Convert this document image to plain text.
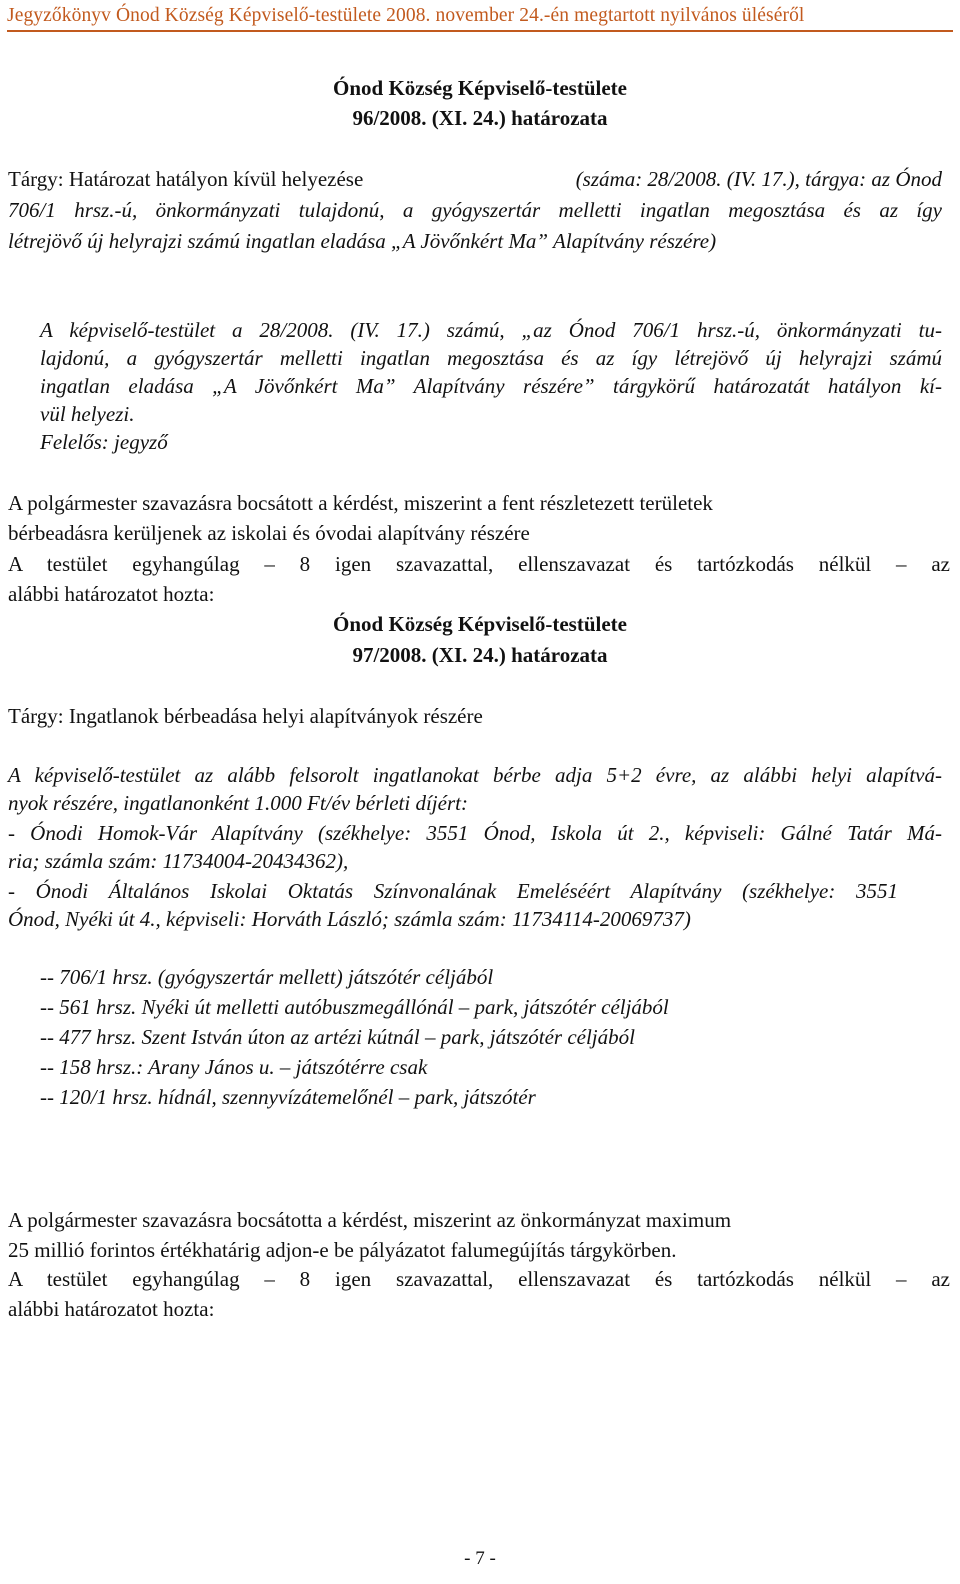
Jegyzőkönyv Ónod Község Képviselő-testülete 2008. november 24.-én megtartott nyilvános üléséről
Ónod Község Képviselő-testülete
96/2008. (XI. 24.) határozata
Tárgy: Határozat hatályon kívül helyezése	(száma: 28/2008. (IV. 17.), tárgya: az Ónod
706/1 hrsz.-ú, önkormányzati tulajdonú, a gyógyszertár melletti ingatlan megosztása és az így
létrejövő új helyrajzi számú ingatlan eladása „A Jövőnkért Ma” Alapítvány részére)
A képviselő-testület a 28/2008. (IV. 17.) számú, „az Ónod 706/1 hrsz.-ú, önkormányzati tu-
lajdonú, a gyógyszertár melletti ingatlan megosztása és az így létrejövő új helyrajzi számú
ingatlan eladása „A Jövőnkért Ma” Alapítvány részére” tárgykörű határozatát hatályon kí-
vül helyezi.
Felelős: jegyző
A polgármester szavazásra bocsátott a kérdést, miszerint a fent részletezett területek
bérbeadásra kerüljenek az iskolai és óvodai alapítvány részére
A testület egyhangúlag – 8 igen szavazattal, ellenszavazat és tartózkodás nélkül – az
alábbi határozatot hozta:
Ónod Község Képviselő-testülete
97/2008. (XI. 24.) határozata
Tárgy: Ingatlanok bérbeadása helyi alapítványok részére
A képviselő-testület az alább felsorolt ingatlanokat bérbe adja 5+2 évre, az alábbi helyi alapítvá-
nyok részére, ingatlanonként 1.000 Ft/év bérleti díjért:
- Ónodi Homok-Vár Alapítvány (székhelye: 3551 Ónod, Iskola út 2., képviseli: Gálné Tatár Má-
ria; számla szám: 11734004-20434362),
- Ónodi Általános Iskolai Oktatás Színvonalának Emeléséért Alapítvány (székhelye: 3551
Ónod, Nyéki út 4., képviseli: Horváth László; számla szám: 11734114-20069737)
-- 706/1 hrsz. (gyógyszertár mellett) játszótér céljából
-- 561 hrsz. Nyéki út melletti autóbuszmegállónál – park, játszótér céljából
-- 477 hrsz. Szent István úton az artézi kútnál – park, játszótér céljából
-- 158 hrsz.: Arany János u. – játszótérre csak
-- 120/1 hrsz. hídnál, szennyvízátemelőnél – park, játszótér
A polgármester szavazásra bocsátotta a kérdést, miszerint az önkormányzat maximum
25 millió forintos értékhatárig adjon-e be pályázatot falumegújítás tárgykörben.
A testület egyhangúlag – 8 igen szavazattal, ellenszavazat és tartózkodás nélkül – az
alábbi határozatot hozta:
- 7 -
